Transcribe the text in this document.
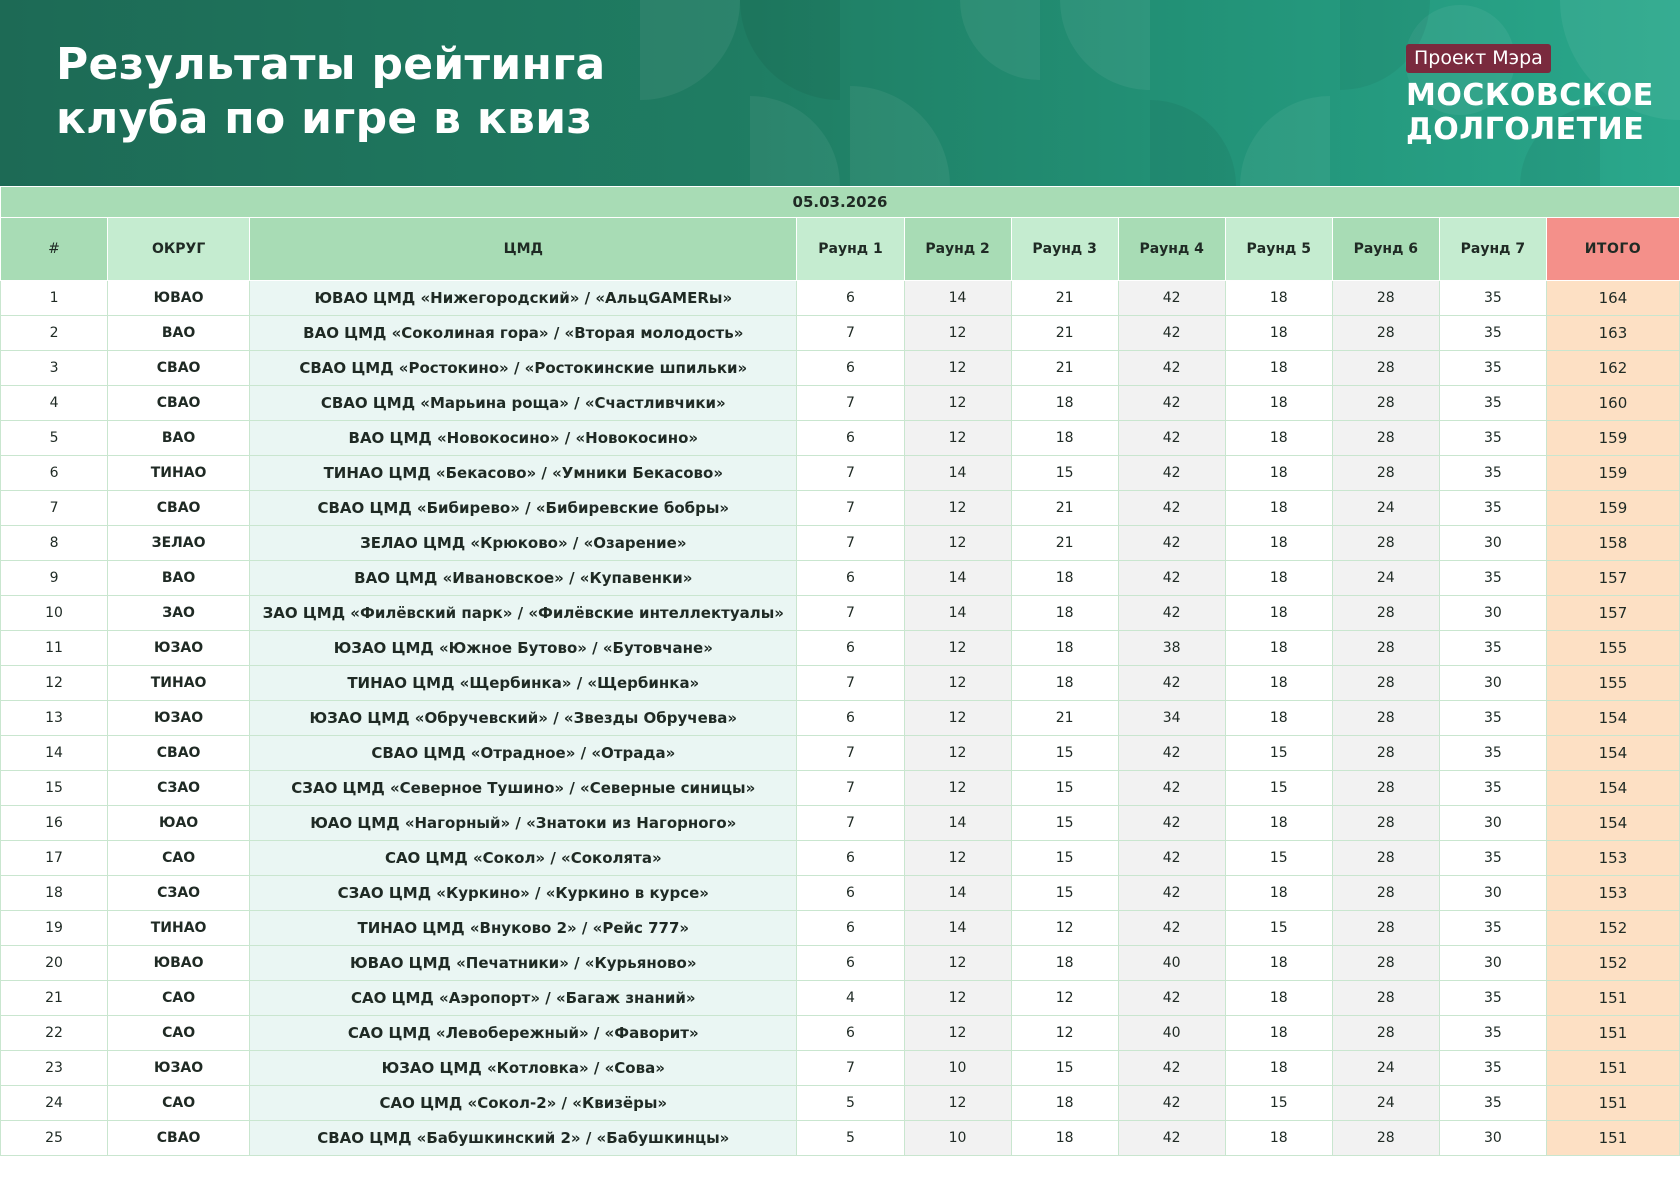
Результаты рейтинга
клуба по игре в квиз
Проект Мэра
МОСКОВСКОЕ
ДОЛГОЛЕТИЕ
05.03.2026										
#	ОКРУГ	ЦМД	Раунд 1	Раунд 2	Раунд 3	Раунд 4	Раунд 5	Раунд 6	Раунд 7	ИТОГО
1	ЮВАО	ЮВАО ЦМД «Нижегородский» / «АльцGAMERы»	6	14	21	42	18	28	35	164
2	ВАО	ВАО ЦМД «Соколиная гора» / «Вторая молодость»	7	12	21	42	18	28	35	163
3	СВАО	СВАО ЦМД «Ростокино» / «Ростокинские шпильки»	6	12	21	42	18	28	35	162
4	СВАО	СВАО ЦМД «Марьина роща» / «Счастливчики»	7	12	18	42	18	28	35	160
5	ВАО	ВАО ЦМД «Новокосино» / «Новокосино»	6	12	18	42	18	28	35	159
6	ТИНАО	ТИНАО ЦМД «Бекасово» / «Умники Бекасово»	7	14	15	42	18	28	35	159
7	СВАО	СВАО ЦМД «Бибирево» / «Бибиревские бобры»	7	12	21	42	18	24	35	159
8	ЗЕЛАО	ЗЕЛАО ЦМД «Крюково» / «Озарение»	7	12	21	42	18	28	30	158
9	ВАО	ВАО ЦМД «Ивановское» / «Купавенки»	6	14	18	42	18	24	35	157
10	ЗАО	ЗАО ЦМД «Филёвский парк» / «Филёвские интеллектуалы»	7	14	18	42	18	28	30	157
11	ЮЗАО	ЮЗАО ЦМД «Южное Бутово» / «Бутовчане»	6	12	18	38	18	28	35	155
12	ТИНАО	ТИНАО ЦМД «Щербинка» / «Щербинка»	7	12	18	42	18	28	30	155
13	ЮЗАО	ЮЗАО ЦМД «Обручевский» / «Звезды Обручева»	6	12	21	34	18	28	35	154
14	СВАО	СВАО ЦМД «Отрадное» / «Отрада»	7	12	15	42	15	28	35	154
15	СЗАО	СЗАО ЦМД «Северное Тушино» / «Северные синицы»	7	12	15	42	15	28	35	154
16	ЮАО	ЮАО ЦМД «Нагорный» / «Знатоки из Нагорного»	7	14	15	42	18	28	30	154
17	САО	САО ЦМД «Сокол» / «Соколята»	6	12	15	42	15	28	35	153
18	СЗАО	СЗАО ЦМД «Куркино» / «Куркино в курсе»	6	14	15	42	18	28	30	153
19	ТИНАО	ТИНАО ЦМД «Внуково 2» / «Рейс 777»	6	14	12	42	15	28	35	152
20	ЮВАО	ЮВАО ЦМД «Печатники» / «Курьяново»	6	12	18	40	18	28	30	152
21	САО	САО ЦМД «Аэропорт» / «Багаж знаний»	4	12	12	42	18	28	35	151
22	САО	САО ЦМД «Левобережный» / «Фаворит»	6	12	12	40	18	28	35	151
23	ЮЗАО	ЮЗАО ЦМД «Котловка» / «Сова»	7	10	15	42	18	24	35	151
24	САО	САО ЦМД «Сокол-2» / «Квизёры»	5	12	18	42	15	24	35	151
25	СВАО	СВАО ЦМД «Бабушкинский 2» / «Бабушкинцы»	5	10	18	42	18	28	30	151
